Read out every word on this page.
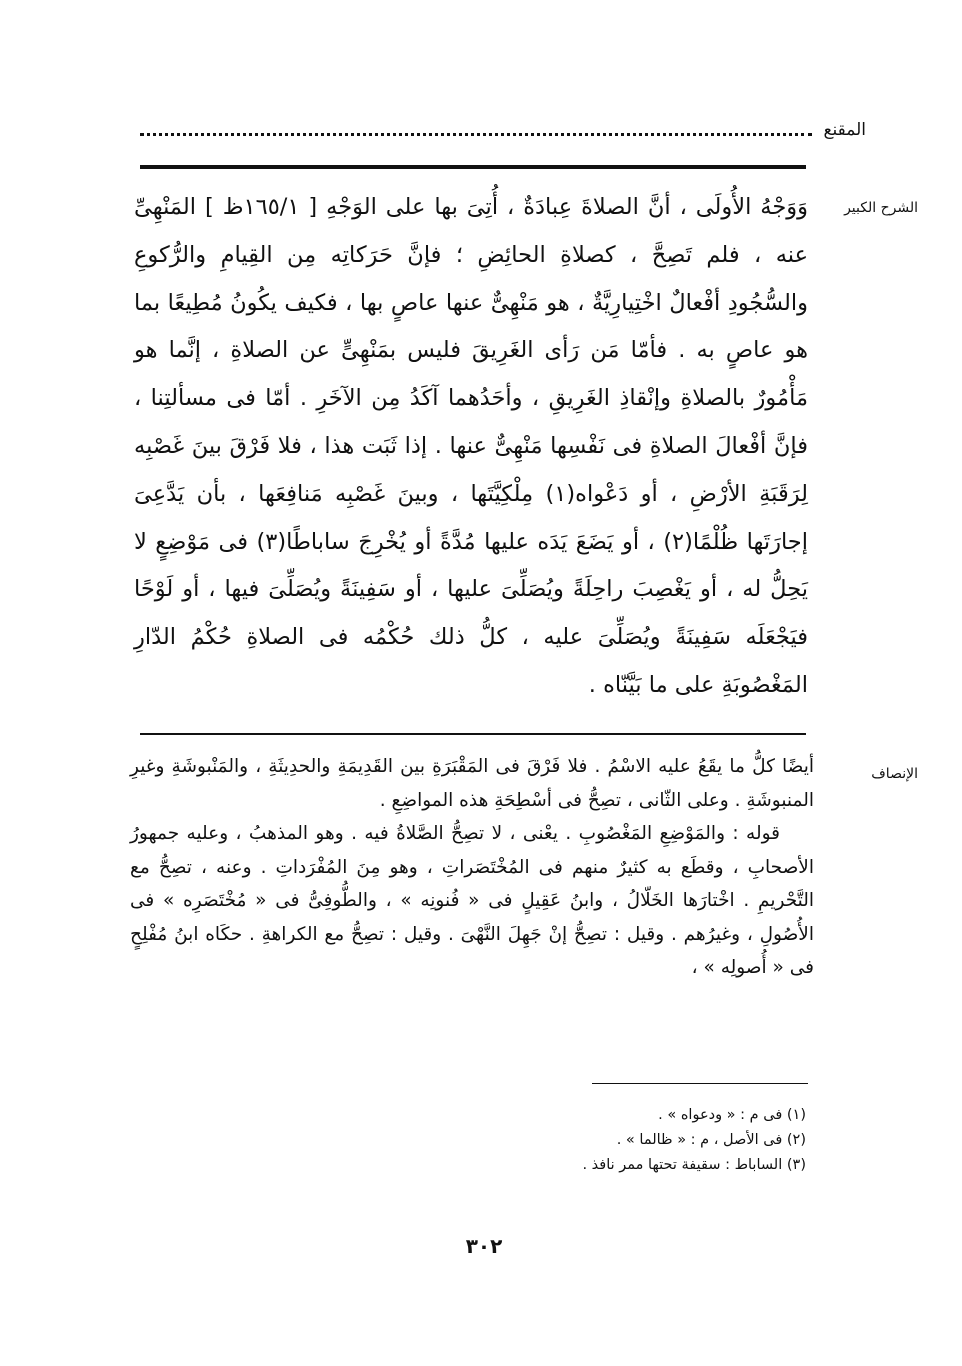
المقنع
الشرح الكبير
وَوَجْهُ الأُولَى ، أنَّ الصلاةَ عِبادَةٌ ، أُتِىَ بها على الوَجْهِ [ ١٦٥/١ظ ] المَنْهِىِّ عنه ، فلم تَصِحَّ ، كصلاةِ الحائِضِ ؛ فإنَّ حَرَكاتِه مِن القِيامِ والرُّكوعِ والسُّجُودِ أفْعالٌ اخْتِيارِيَّةٌ ، هو مَنْهِىٌّ عنها عاصٍ بها ، فكيف يكُونُ مُطِيعًا بما هو عاصٍ به . فأمّا مَن رَأى الغَرِيقَ فليس بمَنْهِىٍّ عن الصلاةِ ، إنَّما هو مَأْمُورٌ بالصلاةِ وإنْقاذِ الغَرِيقِ ، وأحَدُهما آكَدُ مِن الآخَرِ . أمّا فى مسألتِنا ، فإنَّ أفْعالَ الصلاةِ فى نَفْسِها مَنْهِىٌّ عنها . إذا ثَبَت هذا ، فلا فَرْقَ بينَ غَصْبِه لِرَقَبَةِ الأرْضِ ، أو دَعْواه(١) مِلْكِيَّتَها ، وبينَ غَصْبِه مَنافِعَها ، بأن يَدَّعِىَ إجارَتَها ظُلْمًا(٢) ، أو يَضَعَ يَدَه عليها مُدَّةً أو يُخْرِجَ ساباطًا(٣) فى مَوْضِعٍ لا يَحِلُّ له ، أو يَغْصِبَ راحِلَةً ويُصَلِّىَ عليها ، أو سَفِينَةً ويُصَلِّىَ فيها ، أو لَوْحًا فيَجْعَلَه سَفِينَةً ويُصَلِّىَ عليه ، كلُّ ذلك حُكْمُه فى الصلاةِ حُكْمُ الدّارِ المَغْصُوبَةِ على ما بَيَّنّاه .
الإنصاف

أيضًا كلُّ ما يقَعُ عليه الاسْمُ . فلا فَرْقَ فى المَقْبَرَةِ بين القَدِيمَةِ والحدِيثَةِ ، والمَنْبوشَةِ وغيرِ المنبوشَةِ . وعلى الثّانى ، تصِحُّ فى أسْطِحَةِ هذه المواضِعِ .

قوله : والمَوْضِعِ المَغْصُوبِ . يعْنى ، لا تصِحُّ الصَّلاةُ فيه . وهو المذهبُ ، وعليه جمهورُ الأصحابِ ، وقطَع به كثيرٌ منهم فى المُخْتَصَراتِ ، وهو مِنَ المُفْرَداتِ . وعنه ، تصِحُّ مع التَّحْريمِ . اخْتارَها الخَلّالُ ، وابنُ عَقِيلٍ فى « فُنونِه » ، والطُّوفِىُّ فى « مُخْتَصَرِه » فى الأُصُولِ ، وغيرُهم . وقيل : تصِحُّ إنْ جَهِلَ النَّهْىَ . وقيل : تصِحُّ مع الكراهةِ . حكَاه ابنُ مُفْلِحٍ فى « أُصولِه » ،

(١) فى م : « ودعواه » .
(٢) فى الأصل ، م : « ظالما » .
(٣) الساباط : سقيفة تحتها ممر نافذ .
٣٠٢
